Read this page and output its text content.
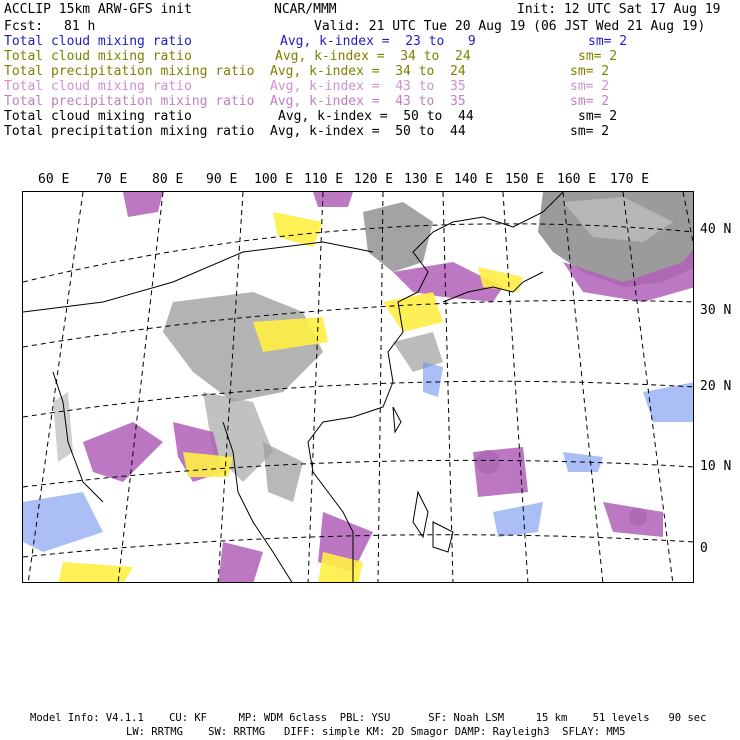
ACCLIP 15km ARW-GFS init	NCAR/MMM	Init: 12 UTC Sat 17 Aug 19
Fcst: 81 h	Valid: 21 UTC Tue 20 Aug 19 (06 JST Wed 21 Aug 19)
Total cloud mixing ratio	Avg, k-index =  23 to   9	sm= 2
Total cloud mixing ratio	Avg, k-index =  34 to  24	sm= 2
Total precipitation mixing ratio Avg, k-index =  34 to  24	sm= 2
Total cloud mixing ratio	Avg, k-index =  43 to  35	sm= 2
Total precipitation mixing ratio Avg, k-index =  43 to  35	sm= 2
Total cloud mixing ratio	Avg, k-index =  50 to  44	sm= 2
Total precipitation mixing ratio Avg, k-index =  50 to  44	sm= 2
60 E 70 E 80 E 90 E 100 E 110 E 120 E 130 E 140 E 150 E 160 E 170 E
40 N
30 N
20 N
10 N
0
Model Info: V4.1.1    CU: KF     MP: WDM 6class  PBL: YSU      SF: Noah LSM     15 km    51 levels   90 sec
LW: RRTMG    SW: RRTMG   DIFF: simple KM: 2D Smagor DAMP: Rayleigh3  SFLAY: MM5
